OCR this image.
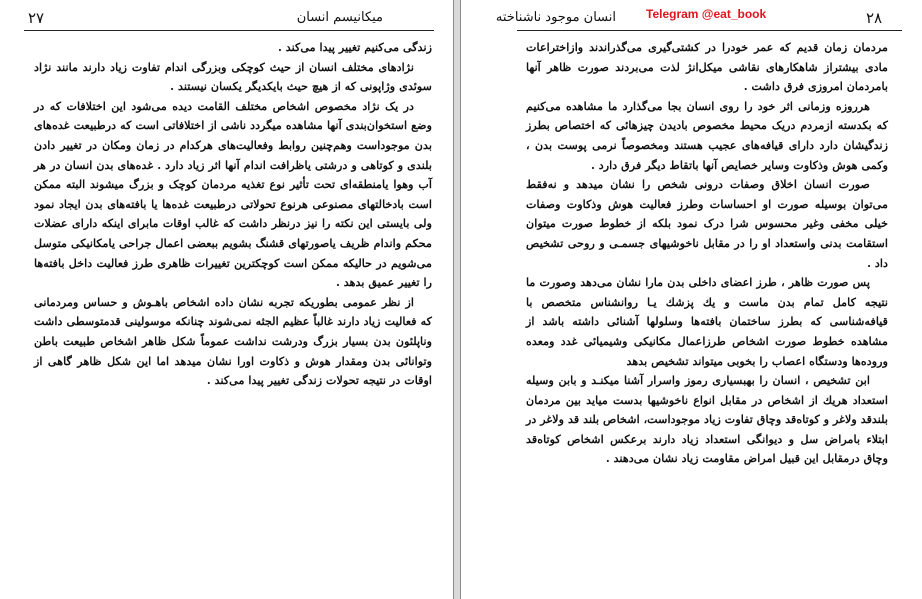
۲۷	میکانیسم انسان

زندگی می‌کنیم تغییر پیدا می‌کند .

نژادهای مختلف انسان از حیث کوچکی وبزرگی اندام تفاوت زیاد دارند مانند نژاد سوئدی وژاپونی که از هیچ حیث بایکدیگر یکسان نیستند .

در یک نژاد مخصوص اشخاص مختلف القامت دیده می‌شود این اختلافات که در وضع استخوان‌بندی آنها مشاهده میگردد ناشی از اختلافاتی است که درطبیعت غده‌های بدن موجوداست وهم‌چنین روابط وفعالیت‌های هرکدام در زمان ومکان در تغییر دادن بلندی و کوتاهی و درشتی یاظرافت اندام آنها اثر زیاد دارد . غده‌های بدن انسان در هر آب وهوا یامنطقه‌ای تحت تأثیر نوع تغذیه مردمان کوچک و بزرگ میشوند البته ممکن است بادخالتهای مصنوعی هرنوع تحولاتی درطبیعت غده‌ها یا بافته‌های بدن ایجاد نمود ولی بایستی این نکته را نیز درنظر داشت که غالب اوقات مابرای اینکه دارای عضلات محکم واندام ظریف یاصورتهای قشنگ بشویم ببعضی اعمال جراحی یامکانیکی متوسل می‌شویم در حالیکه ممکن است کوچکترین تغییرات ظاهری طرز فعالیت داخل بافته‌ها را تغییر عمیق بدهد .

از نظر عمومی بطوریکه تجربه نشان داده اشخاص باهـوش و حساس ومردمانی که فعالیت زیاد دارند غالباً عظیم الجثه نمی‌شوند چنانکه موسولینی قدمتوسطی داشت وناپلئون بدن بسیار بزرگ ودرشت نداشت عموماً شکل ظاهر اشخاص طبیعت باطن وتوانائی بدن ومقدار هوش و ذکاوت اورا نشان میدهد اما این شکل ظاهر گاهی از اوقات در نتیجه تحولات زندگی تغییر پیدا می‌کند .

Telegram @eat_book	۲۸
انسان موجود ناشناخته

مردمان زمان قدیم که عمر خودرا در کشتی‌گیری می‌گذراندند وازاختراعات مادی بیشتراز شاهکارهای نقاشی میکل‌انژ لذت می‌بردند صورت ظاهر آنها بامردمان امروزی فرق داشت .

هرروزه وزمانی اثر خود را روی انسان بجا می‌گذارد ما مشاهده می‌کنیم که بکدسته ازمردم دریک محیط مخصوص بادیدن چیزهائی که اختصاص بطرز زندگیشان دارد دارای قیافه‌های عجیب هستند ومخصوصاً نرمی پوست بدن ، وکمی هوش وذکاوت وسایر خصایص آنها باتقاط دیگر فرق دارد .

صورت انسان اخلاق وصفات درونی شخص را نشان میدهد و نه‌فقط می‌توان بوسیله صورت او احساسات وطرز فعالیت هوش وذکاوت وصفات خیلی مخفی وغیر محسوس شرا درک نمود بلکه از خطوط صورت میتوان استقامت بدنی واستعداد او را در مقابل ناخوشیهای جسمـی و روحی تشخیص داد .

پس صورت ظاهر ، طرز اعضای داخلی بدن مارا نشان می‌دهد وصورت ما نتیجه کامل تمام بدن ماست و یك پزشك یـا روانشناس متخصص با قیافه‌شناسی که بطرز ساختمان بافته‌ها وسلولها آشنائی داشته باشد از مشاهده خطوط صورت اشخاص طرزاعمال مکانیکی وشیمیائی غدد ومعده وروده‌ها ودستگاه اعصاب را بخوبی میتواند تشخیص بدهد

ابن تشخیص ، انسان را بهبسیاری رموز واسرار آشنا میکنـد و بابن وسیله استعداد هریك از اشخاص در مقابل انواع ناخوشیها بدست میاید بین مردمان بلندقد ولاغر و کوتاه‌قد وچاق تفاوت زیاد موجوداست، اشخاص بلند قد ولاغر در ابتلاء بامراض سل و دیوانگی استعداد زیاد دارند برعکس اشخاص کوتاه‌قد وچاق درمقابل این قبیل امراض مقاومت زیاد نشان می‌دهند .
